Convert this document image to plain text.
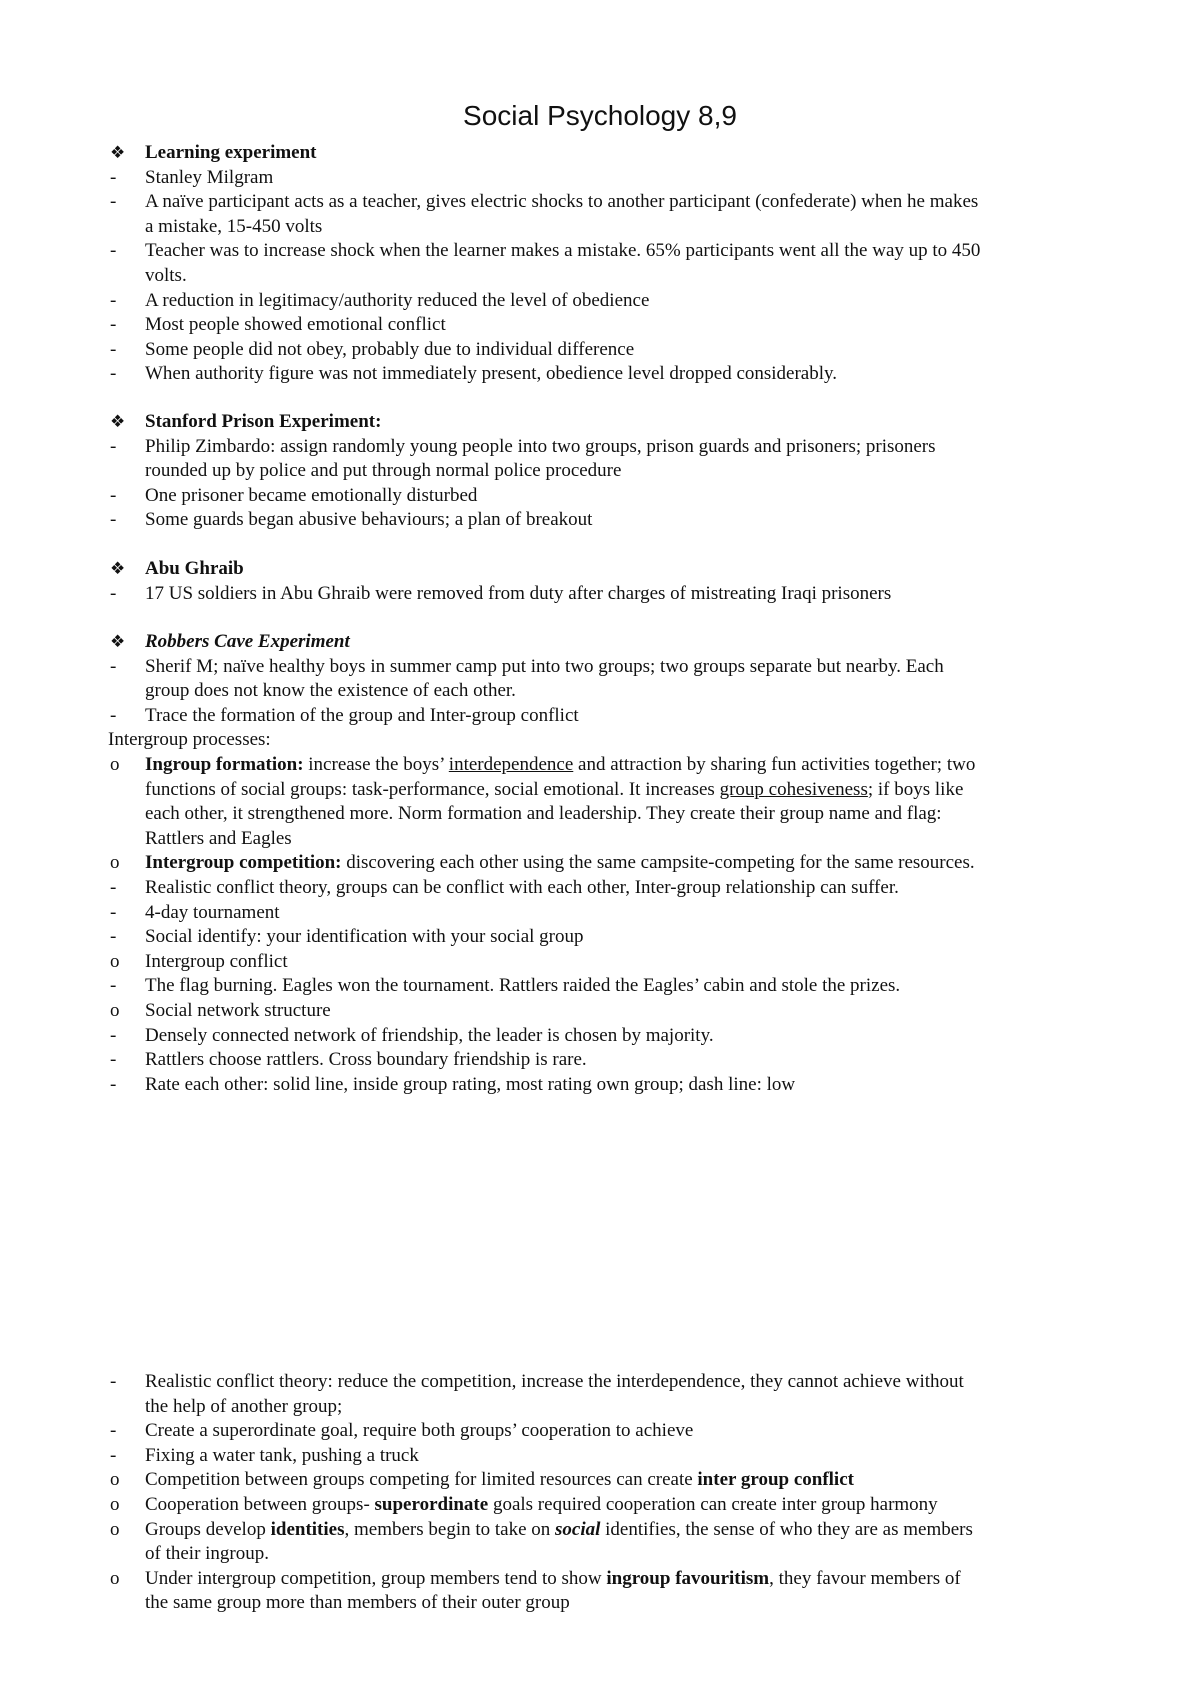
Social Psychology 8,9
❖	Learning experiment
-	Stanley Milgram
-	A naïve participant acts as a teacher, gives electric shocks to another participant (confederate) when he makes
a mistake, 15-450 volts
-	Teacher was to increase shock when the learner makes a mistake. 65% participants went all the way up to 450
volts.
-	A reduction in legitimacy/authority reduced the level of obedience
-	Most people showed emotional conflict
-	Some people did not obey, probably due to individual difference
-	When authority figure was not immediately present, obedience level dropped considerably.
❖	Stanford Prison Experiment:
-	Philip Zimbardo: assign randomly young people into two groups, prison guards and prisoners; prisoners
rounded up by police and put through normal police procedure
-	One prisoner became emotionally disturbed
-	Some guards began abusive behaviours; a plan of breakout
❖	Abu Ghraib
-	17 US soldiers in Abu Ghraib were removed from duty after charges of mistreating Iraqi prisoners
❖	Robbers Cave Experiment
-	Sherif M; naïve healthy boys in summer camp put into two groups; two groups separate but nearby. Each
group does not know the existence of each other.
-	Trace the formation of the group and Inter-group conflict
Intergroup processes:
o	Ingroup formation: increase the boys’ interdependence and attraction by sharing fun activities together; two
functions of social groups: task-performance, social emotional. It increases group cohesiveness; if boys like
each other, it strengthened more. Norm formation and leadership. They create their group name and flag:
Rattlers and Eagles
o	Intergroup competition: discovering each other using the same campsite-competing for the same resources.
-	Realistic conflict theory, groups can be conflict with each other, Inter-group relationship can suffer.
-	4-day tournament
-	Social identify: your identification with your social group
o	Intergroup conflict
-	The flag burning. Eagles won the tournament. Rattlers raided the Eagles’ cabin and stole the prizes.
o	Social network structure
-	Densely connected network of friendship, the leader is chosen by majority.
-	Rattlers choose rattlers. Cross boundary friendship is rare.
-	Rate each other: solid line, inside group rating, most rating own group; dash line: low
-	Realistic conflict theory: reduce the competition, increase the interdependence, they cannot achieve without
the help of another group;
-	Create a superordinate goal, require both groups’ cooperation to achieve
-	Fixing a water tank, pushing a truck
o	Competition between groups competing for limited resources can create inter group conflict
o	Cooperation between groups- superordinate goals required cooperation can create inter group harmony
o	Groups develop identities, members begin to take on social identifies, the sense of who they are as members
of their ingroup.
o	Under intergroup competition, group members tend to show ingroup favouritism, they favour members of
the same group more than members of their outer group
